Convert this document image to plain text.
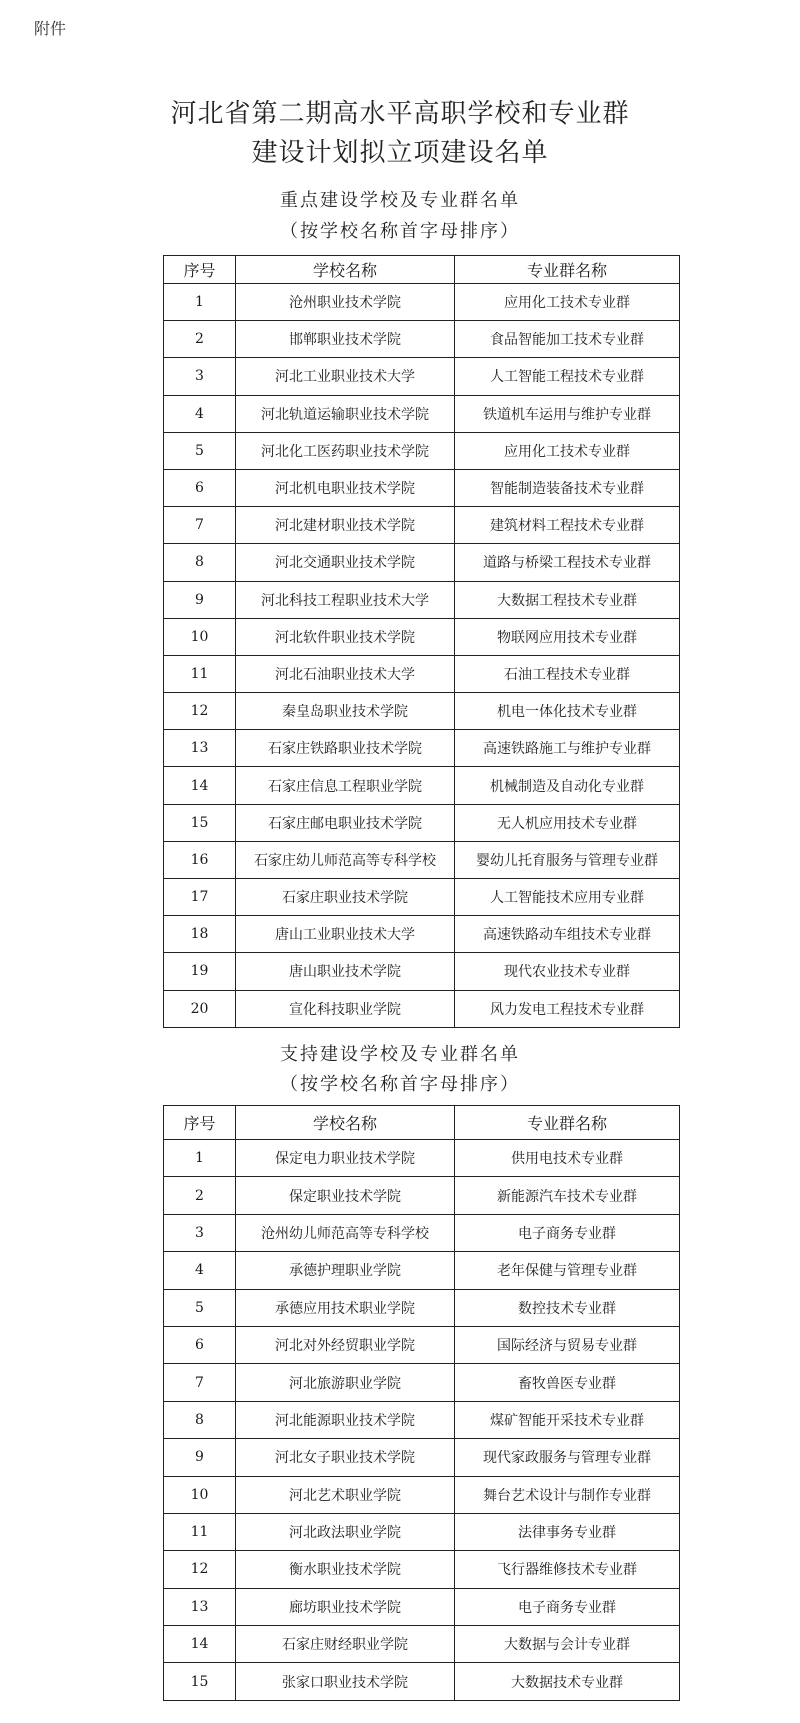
附件
河北省第二期高水平高职学校和专业群
建设计划拟立项建设名单
重点建设学校及专业群名单
（按学校名称首字母排序）
序号	学校名称	专业群名称
1	沧州职业技术学院	应用化工技术专业群
2	邯郸职业技术学院	食品智能加工技术专业群
3	河北工业职业技术大学	人工智能工程技术专业群
4	河北轨道运输职业技术学院	铁道机车运用与维护专业群
5	河北化工医药职业技术学院	应用化工技术专业群
6	河北机电职业技术学院	智能制造装备技术专业群
7	河北建材职业技术学院	建筑材料工程技术专业群
8	河北交通职业技术学院	道路与桥梁工程技术专业群
9	河北科技工程职业技术大学	大数据工程技术专业群
10	河北软件职业技术学院	物联网应用技术专业群
11	河北石油职业技术大学	石油工程技术专业群
12	秦皇岛职业技术学院	机电一体化技术专业群
13	石家庄铁路职业技术学院	高速铁路施工与维护专业群
14	石家庄信息工程职业学院	机械制造及自动化专业群
15	石家庄邮电职业技术学院	无人机应用技术专业群
16	石家庄幼儿师范高等专科学校	婴幼儿托育服务与管理专业群
17	石家庄职业技术学院	人工智能技术应用专业群
18	唐山工业职业技术大学	高速铁路动车组技术专业群
19	唐山职业技术学院	现代农业技术专业群
20	宣化科技职业学院	风力发电工程技术专业群
支持建设学校及专业群名单
（按学校名称首字母排序）
序号	学校名称	专业群名称
1	保定电力职业技术学院	供用电技术专业群
2	保定职业技术学院	新能源汽车技术专业群
3	沧州幼儿师范高等专科学校	电子商务专业群
4	承德护理职业学院	老年保健与管理专业群
5	承德应用技术职业学院	数控技术专业群
6	河北对外经贸职业学院	国际经济与贸易专业群
7	河北旅游职业学院	畜牧兽医专业群
8	河北能源职业技术学院	煤矿智能开采技术专业群
9	河北女子职业技术学院	现代家政服务与管理专业群
10	河北艺术职业学院	舞台艺术设计与制作专业群
11	河北政法职业学院	法律事务专业群
12	衡水职业技术学院	飞行器维修技术专业群
13	廊坊职业技术学院	电子商务专业群
14	石家庄财经职业学院	大数据与会计专业群
15	张家口职业技术学院	大数据技术专业群
